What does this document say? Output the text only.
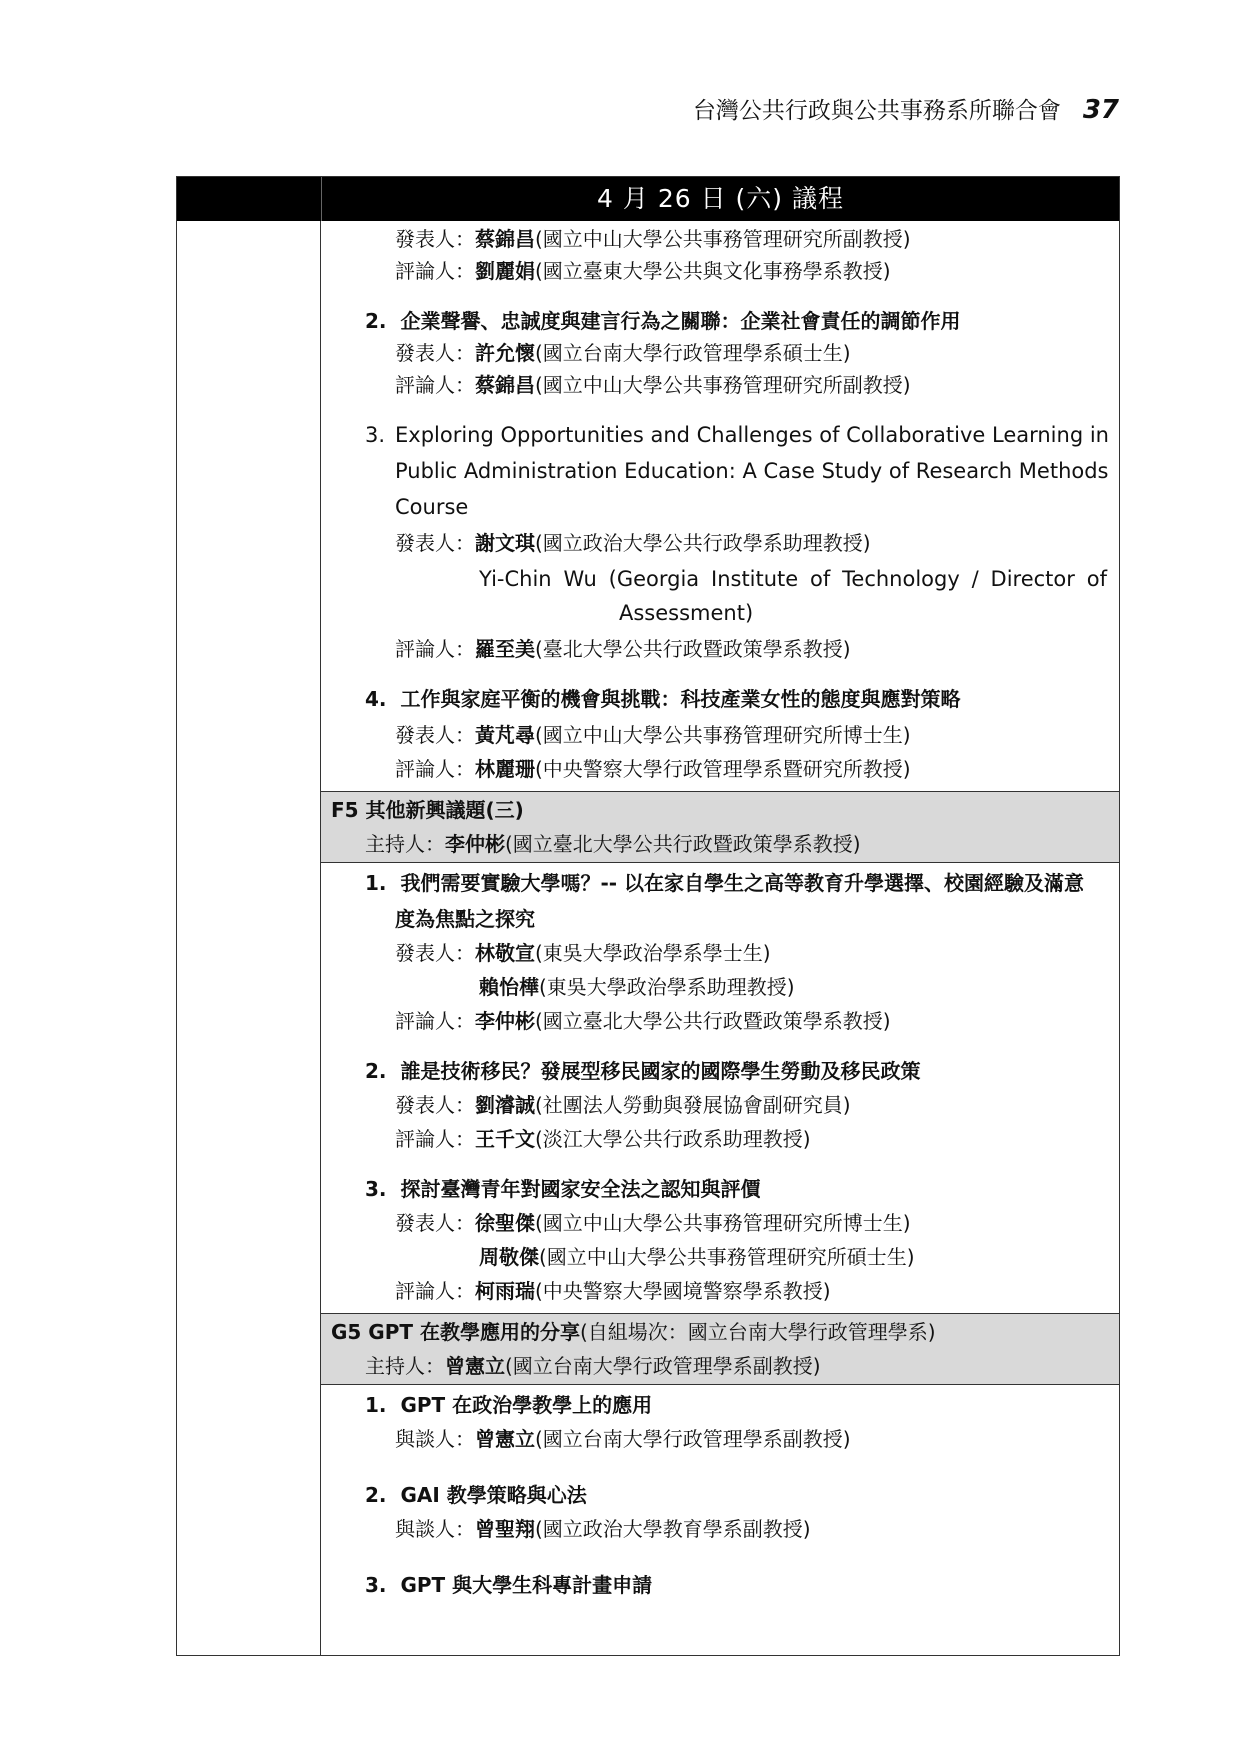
台灣公共行政與公共事務系所聯合會 37
4 月 26 日 (六) 議程
發表人：蔡錦昌(國立中山大學公共事務管理研究所副教授)
評論人：劉麗娟(國立臺東大學公共與文化事務學系教授)
2. 企業聲譽、忠誠度與建言行為之關聯：企業社會責任的調節作用
發表人：許允懷(國立台南大學行政管理學系碩士生)
評論人：蔡錦昌(國立中山大學公共事務管理研究所副教授)
3. Exploring Opportunities and Challenges of Collaborative Learning in
Public Administration Education: A Case Study of Research Methods
Course
發表人：謝文琪(國立政治大學公共行政學系助理教授)
Yi-Chin Wu (Georgia Institute of Technology / Director of
Assessment)
評論人：羅至美(臺北大學公共行政暨政策學系教授)
4. 工作與家庭平衡的機會與挑戰：科技產業女性的態度與應對策略
發表人：黃芃尋(國立中山大學公共事務管理研究所博士生)
評論人：林麗珊(中央警察大學行政管理學系暨研究所教授)
F5 其他新興議題(三)
主持人：李仲彬(國立臺北大學公共行政暨政策學系教授)
1. 我們需要實驗大學嗎？-- 以在家自學生之高等教育升學選擇、校園經驗及滿意
度為焦點之探究
發表人：林敬宣(東吳大學政治學系學士生)
賴怡樺(東吳大學政治學系助理教授)
評論人：李仲彬(國立臺北大學公共行政暨政策學系教授)
2. 誰是技術移民？發展型移民國家的國際學生勞動及移民政策
發表人：劉濬誠(社團法人勞動與發展協會副研究員)
評論人：王千文(淡江大學公共行政系助理教授)
3. 探討臺灣青年對國家安全法之認知與評價
發表人：徐聖傑(國立中山大學公共事務管理研究所博士生)
周敬傑(國立中山大學公共事務管理研究所碩士生)
評論人：柯雨瑞(中央警察大學國境警察學系教授)
G5 GPT 在教學應用的分享(自組場次：國立台南大學行政管理學系)
主持人：曾憲立(國立台南大學行政管理學系副教授)
1. GPT 在政治學教學上的應用
與談人：曾憲立(國立台南大學行政管理學系副教授)
2. GAI 教學策略與心法
與談人：曾聖翔(國立政治大學教育學系副教授)
3. GPT 與大學生科專計畫申請
